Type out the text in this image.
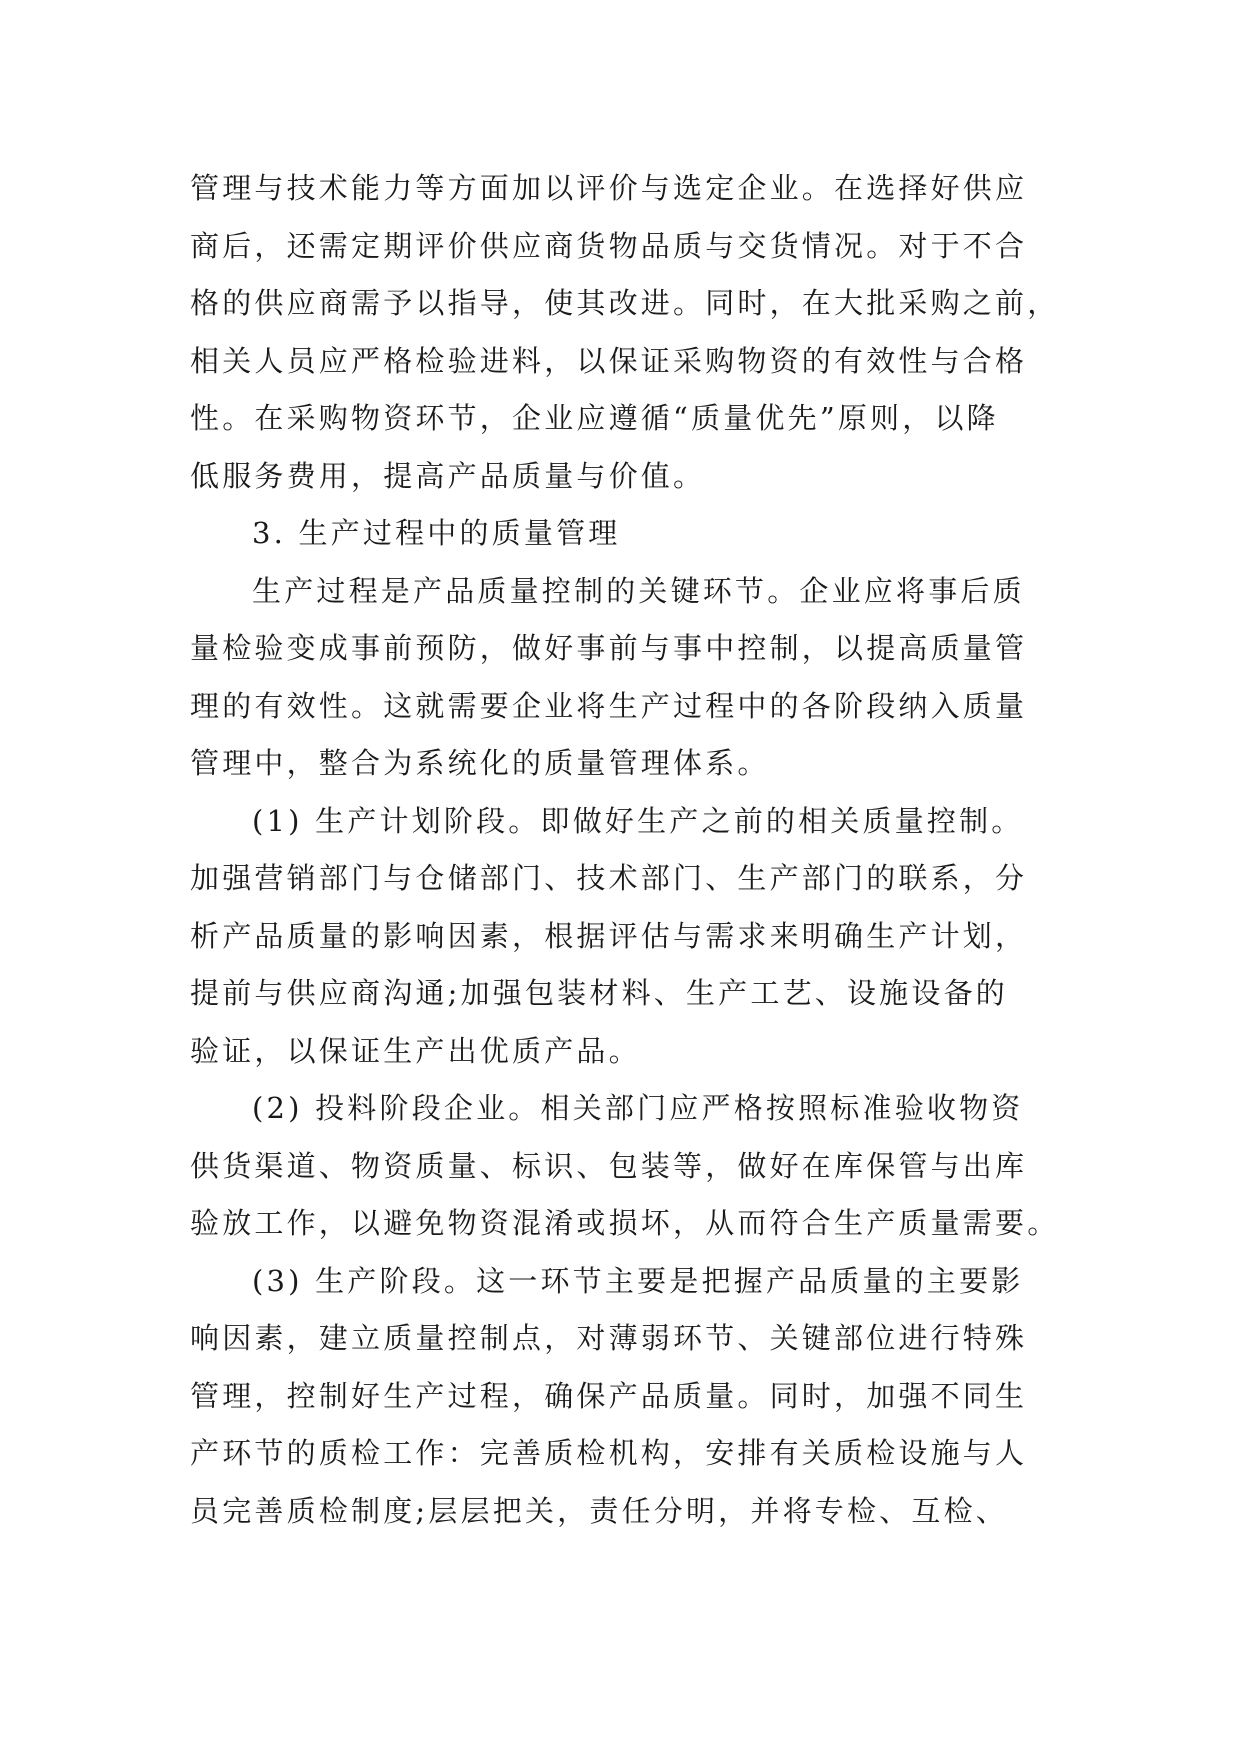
管理与技术能力等方面加以评价与选定企业。在选择好供应
商后，还需定期评价供应商货物品质与交货情况。对于不合
格的供应商需予以指导，使其改进。同时，在大批采购之前，
相关人员应严格检验进料，以保证采购物资的有效性与合格
性。在采购物资环节，企业应遵循“质量优先”原则，以降
低服务费用，提高产品质量与价值。
3. 生产过程中的质量管理
生产过程是产品质量控制的关键环节。企业应将事后质
量检验变成事前预防，做好事前与事中控制，以提高质量管
理的有效性。这就需要企业将生产过程中的各阶段纳入质量
管理中，整合为系统化的质量管理体系。
(1) 生产计划阶段。即做好生产之前的相关质量控制。
加强营销部门与仓储部门、技术部门、生产部门的联系，分
析产品质量的影响因素，根据评估与需求来明确生产计划，
提前与供应商沟通;加强包装材料、生产工艺、设施设备的
验证，以保证生产出优质产品。
(2) 投料阶段企业。相关部门应严格按照标准验收物资
供货渠道、物资质量、标识、包装等，做好在库保管与出库
验放工作，以避免物资混淆或损坏，从而符合生产质量需要。
(3) 生产阶段。这一环节主要是把握产品质量的主要影
响因素，建立质量控制点，对薄弱环节、关键部位进行特殊
管理，控制好生产过程，确保产品质量。同时，加强不同生
产环节的质检工作：完善质检机构，安排有关质检设施与人
员完善质检制度;层层把关，责任分明，并将专检、互检、
